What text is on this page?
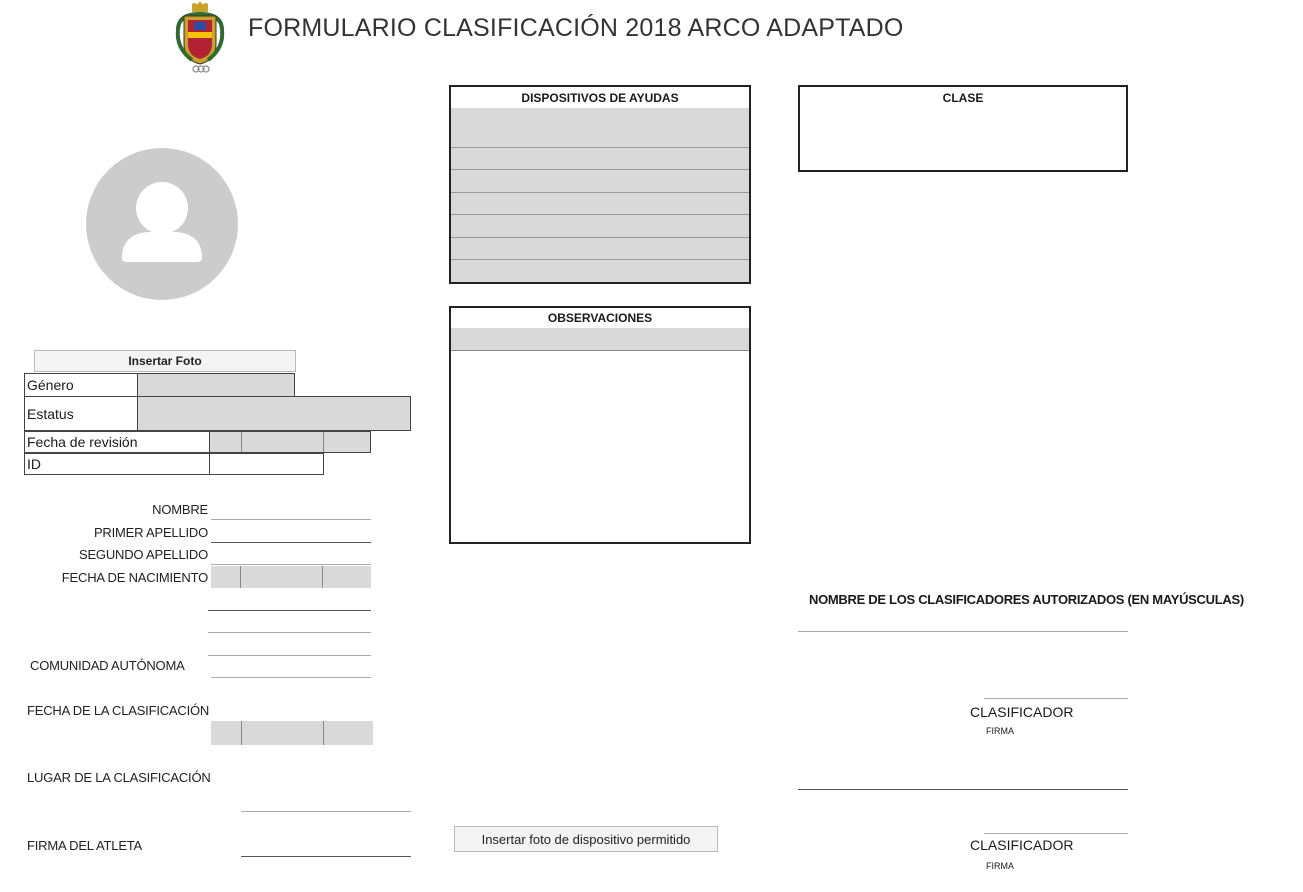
FORMULARIO CLASIFICACIÓN 2018 ARCO ADAPTADO
Insertar Foto
Género
Estatus
Fecha de revisión
ID
NOMBRE
PRIMER APELLIDO
SEGUNDO APELLIDO
FECHA DE NACIMIENTO
COMUNIDAD AUTÓNOMA
FECHA DE LA CLASIFICACIÓN
LUGAR DE LA CLASIFICACIÓN
FIRMA DEL ATLETA
DISPOSITIVOS DE AYUDAS
OBSERVACIONES
CLASE
Insertar foto de dispositivo permitido
NOMBRE DE LOS CLASIFICADORES AUTORIZADOS (EN MAYÚSCULAS)
CLASIFICADOR
FIRMA
CLASIFICADOR
FIRMA
